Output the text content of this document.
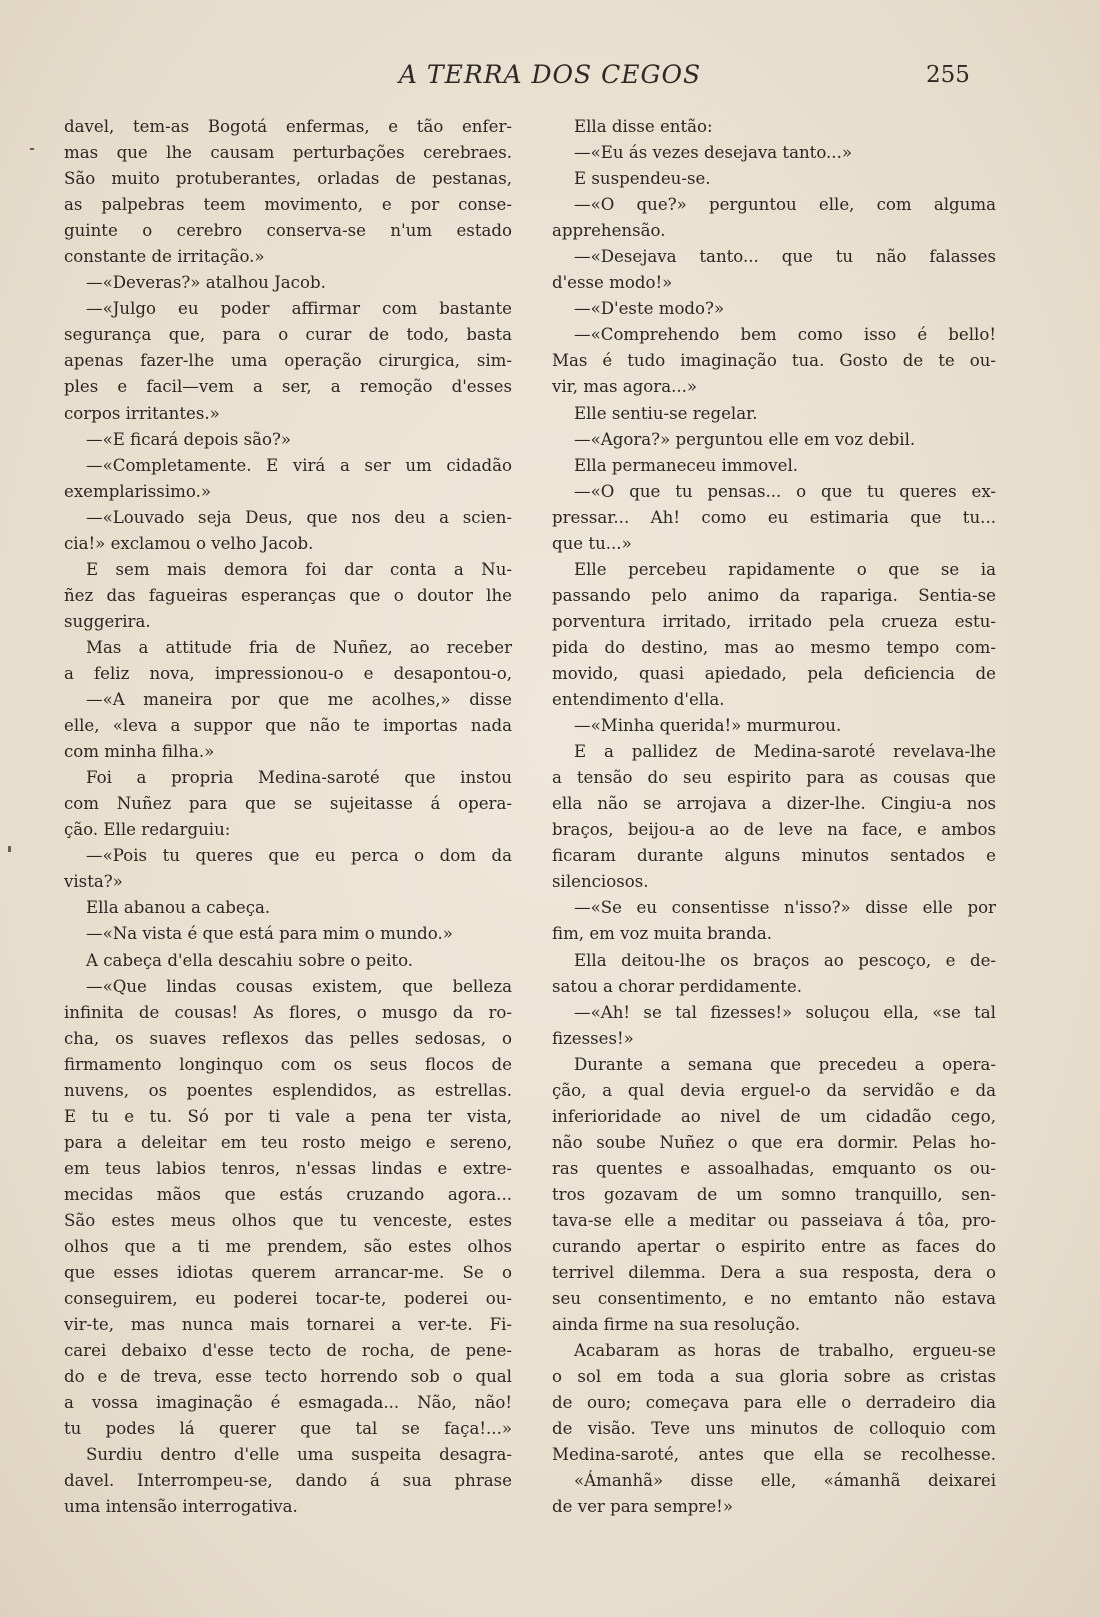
A TERRA DOS CEGOS	255
davel, tem-as Bogotá enfermas, e tão enfer-
mas que lhe causam perturbações cerebraes.
São muito protuberantes, orladas de pestanas,
as palpebras teem movimento, e por conse-
guinte o cerebro conserva-se n'um estado
constante de irritação.»
—«Deveras?» atalhou Jacob.
—«Julgo eu poder affirmar com bastante
segurança que, para o curar de todo, basta
apenas fazer-lhe uma operação cirurgica, sim-
ples e facil—vem a ser, a remoção d'esses
corpos irritantes.»
—«E ficará depois são?»
—«Completamente. E virá a ser um cidadão
exemplarissimo.»
—«Louvado seja Deus, que nos deu a scien-
cia!» exclamou o velho Jacob.
E sem mais demora foi dar conta a Nu-
ñez das fagueiras esperanças que o doutor lhe
suggerira.
Mas a attitude fria de Nuñez, ao receber
a feliz nova, impressionou-o e desapontou-o,
—«A maneira por que me acolhes,» disse
elle, «leva a suppor que não te importas nada
com minha filha.»
Foi a propria Medina-saroté que instou
com Nuñez para que se sujeitasse á opera-
ção. Elle redarguiu:
—«Pois tu queres que eu perca o dom da
vista?»
Ella abanou a cabeça.
—«Na vista é que está para mim o mundo.»
A cabeça d'ella descahiu sobre o peito.
—«Que lindas cousas existem, que belleza
infinita de cousas! As flores, o musgo da ro-
cha, os suaves reflexos das pelles sedosas, o
firmamento longinquo com os seus flocos de
nuvens, os poentes esplendidos, as estrellas.
E tu e tu. Só por ti vale a pena ter vista,
para a deleitar em teu rosto meigo e sereno,
em teus labios tenros, n'essas lindas e extre-
mecidas mãos que estás cruzando agora...
São estes meus olhos que tu venceste, estes
olhos que a ti me prendem, são estes olhos
que esses idiotas querem arrancar-me. Se o
conseguirem, eu poderei tocar-te, poderei ou-
vir-te, mas nunca mais tornarei a ver-te. Fi-
carei debaixo d'esse tecto de rocha, de pene-
do e de treva, esse tecto horrendo sob o qual
a vossa imaginação é esmagada... Não, não!
tu podes lá querer que tal se faça!...»
Surdiu dentro d'elle uma suspeita desagra-
davel. Interrompeu-se, dando á sua phrase
uma intensão interrogativa.
Ella disse então:
—«Eu ás vezes desejava tanto...»
E suspendeu-se.
—«O que?» perguntou elle, com alguma
apprehensão.
—«Desejava tanto... que tu não falasses
d'esse modo!»
—«D'este modo?»
—«Comprehendo bem como isso é bello!
Mas é tudo imaginação tua. Gosto de te ou-
vir, mas agora...»
Elle sentiu-se regelar.
—«Agora?» perguntou elle em voz debil.
Ella permaneceu immovel.
—«O que tu pensas... o que tu queres ex-
pressar... Ah! como eu estimaria que tu...
que tu...»
Elle percebeu rapidamente o que se ia
passando pelo animo da rapariga. Sentia-se
porventura irritado, irritado pela crueza estu-
pida do destino, mas ao mesmo tempo com-
movido, quasi apiedado, pela deficiencia de
entendimento d'ella.
—«Minha querida!» murmurou.
E a pallidez de Medina-saroté revelava-lhe
a tensão do seu espirito para as cousas que
ella não se arrojava a dizer-lhe. Cingiu-a nos
braços, beijou-a ao de leve na face, e ambos
ficaram durante alguns minutos sentados e
silenciosos.
—«Se eu consentisse n'isso?» disse elle por
fim, em voz muita branda.
Ella deitou-lhe os braços ao pescoço, e de-
satou a chorar perdidamente.
—«Ah! se tal fizesses!» soluçou ella, «se tal
fizesses!»
Durante a semana que precedeu a opera-
ção, a qual devia erguel-o da servidão e da
inferioridade ao nivel de um cidadão cego,
não soube Nuñez o que era dormir. Pelas ho-
ras quentes e assoalhadas, emquanto os ou-
tros gozavam de um somno tranquillo, sen-
tava-se elle a meditar ou passeiava á tôa, pro-
curando apertar o espirito entre as faces do
terrivel dilemma. Dera a sua resposta, dera o
seu consentimento, e no emtanto não estava
ainda firme na sua resolução.
Acabaram as horas de trabalho, ergueu-se
o sol em toda a sua gloria sobre as cristas
de ouro; começava para elle o derradeiro dia
de visão. Teve uns minutos de colloquio com
Medina-saroté, antes que ella se recolhesse.
«Ámanhã» disse elle, «ámanhã deixarei
de ver para sempre!»
